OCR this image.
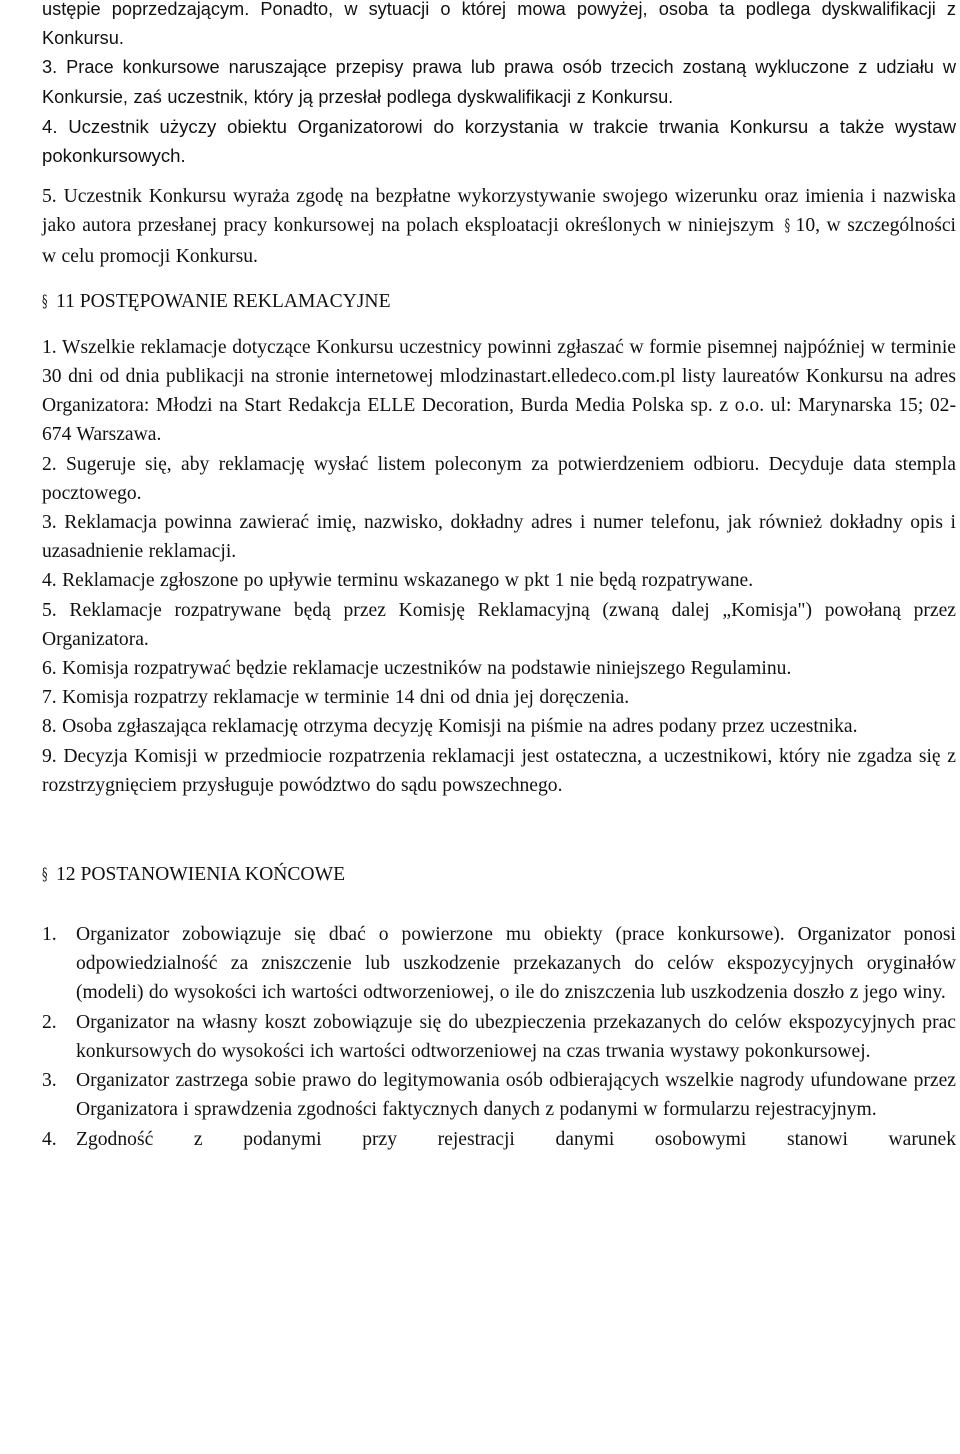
ustępie poprzedzającym. Ponadto, w sytuacji o której mowa powyżej, osoba ta podlega dyskwalifikacji z Konkursu.

3. Prace konkursowe naruszające przepisy prawa lub prawa osób trzecich zostaną wykluczone z udziału w Konkursie, zaś uczestnik, który ją przesłał podlega dyskwalifikacji z Konkursu.

4. Uczestnik użyczy obiektu Organizatorowi do korzystania w trakcie trwania Konkursu a także wystaw pokonkursowych.

5. Uczestnik Konkursu wyraża zgodę na bezpłatne wykorzystywanie swojego wizerunku oraz imienia i nazwiska jako autora przesłanej pracy konkursowej na polach eksploatacji określonych w niniejszym § 10, w szczególności w celu promocji Konkursu.

§ 11 POSTĘPOWANIE REKLAMACYJNE

1. Wszelkie reklamacje dotyczące Konkursu uczestnicy powinni zgłaszać w formie pisemnej najpóźniej w terminie 30 dni od dnia publikacji na stronie internetowej mlodzinastart.elledeco.com.pl listy laureatów Konkursu na adres Organizatora: Młodzi na Start Redakcja ELLE Decoration, Burda Media Polska sp. z o.o. ul: Marynarska 15; 02-674 Warszawa.

2. Sugeruje się, aby reklamację wysłać listem poleconym za potwierdzeniem odbioru. Decyduje data stempla pocztowego.

3. Reklamacja powinna zawierać imię, nazwisko, dokładny adres i numer telefonu, jak również dokładny opis i uzasadnienie reklamacji.

4. Reklamacje zgłoszone po upływie terminu wskazanego w pkt 1 nie będą rozpatrywane.

5. Reklamacje rozpatrywane będą przez Komisję Reklamacyjną (zwaną dalej „Komisja") powołaną przez Organizatora.

6. Komisja rozpatrywać będzie reklamacje uczestników na podstawie niniejszego Regulaminu.

7. Komisja rozpatrzy reklamacje w terminie 14 dni od dnia jej doręczenia.

8. Osoba zgłaszająca reklamację otrzyma decyzję Komisji na piśmie na adres podany przez uczestnika.

9. Decyzja Komisji w przedmiocie rozpatrzenia reklamacji jest ostateczna, a uczestnikowi, który nie zgadza się z rozstrzygnięciem przysługuje powództwo do sądu powszechnego.

§ 12 POSTANOWIENIA KOŃCOWE
1. Organizator zobowiązuje się dbać o powierzone mu obiekty (prace konkursowe). Organizator ponosi odpowiedzialność za zniszczenie lub uszkodzenie przekazanych do celów ekspozycyjnych oryginałów (modeli) do wysokości ich wartości odtworzeniowej, o ile do zniszczenia lub uszkodzenia doszło z jego winy.

2. Organizator na własny koszt zobowiązuje się do ubezpieczenia przekazanych do celów ekspozycyjnych prac konkursowych do wysokości ich wartości odtworzeniowej na czas trwania wystawy pokonkursowej.

3. Organizator zastrzega sobie prawo do legitymowania osób odbierających wszelkie nagrody ufundowane przez Organizatora i sprawdzenia zgodności faktycznych danych z podanymi w formularzu rejestracyjnym.

4. Zgodność z podanymi przy rejestracji danymi osobowymi stanowi warunek
